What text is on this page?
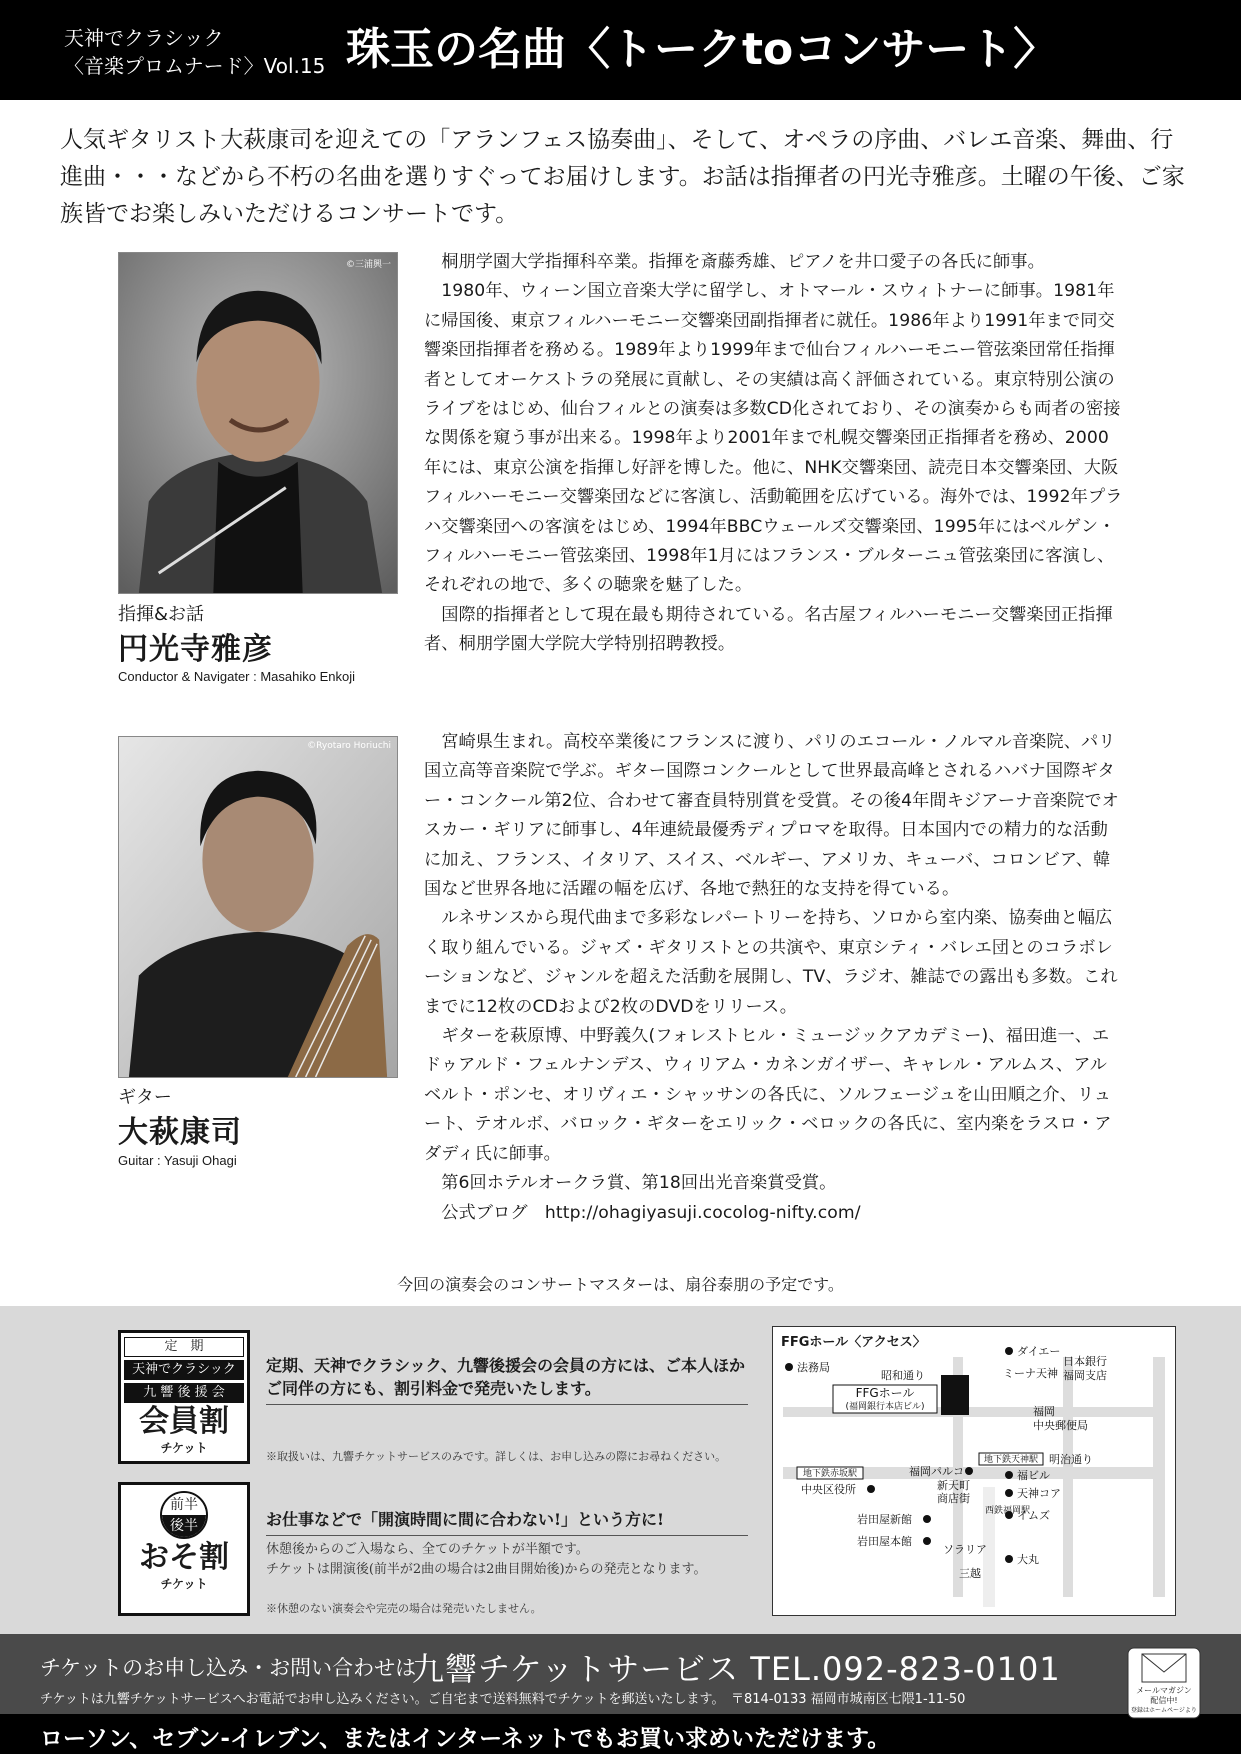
天神でクラシック
〈音楽プロムナード〉Vol.15 珠玉の名曲〈トークtoコンサート〉
人気ギタリスト大萩康司を迎えての「アランフェス協奏曲」、そして、オペラの序曲、バレエ音楽、舞曲、行進曲・・・などから不朽の名曲を選りすぐってお届けします。お話は指揮者の円光寺雅彦。土曜の午後、ご家族皆でお楽しみいただけるコンサートです。
©三浦興一
指揮&お話
円光寺雅彦
Conductor & Navigater : Masahiko Enkoji

桐朋学園大学指揮科卒業。指揮を斎藤秀雄、ピアノを井口愛子の各氏に師事。

1980年、ウィーン国立音楽大学に留学し、オトマール・スウィトナーに師事。1981年に帰国後、東京フィルハーモニー交響楽団副指揮者に就任。1986年より1991年まで同交響楽団指揮者を務める。1989年より1999年まで仙台フィルハーモニー管弦楽団常任指揮者としてオーケストラの発展に貢献し、その実績は高く評価されている。東京特別公演のライブをはじめ、仙台フィルとの演奏は多数CD化されており、その演奏からも両者の密接な関係を窺う事が出来る。1998年より2001年まで札幌交響楽団正指揮者を務め、2000年には、東京公演を指揮し好評を博した。他に、NHK交響楽団、読売日本交響楽団、大阪フィルハーモニー交響楽団などに客演し、活動範囲を広げている。海外では、1992年プラハ交響楽団への客演をはじめ、1994年BBCウェールズ交響楽団、1995年にはベルゲン・フィルハーモニー管弦楽団、1998年1月にはフランス・ブルターニュ管弦楽団に客演し、それぞれの地で、多くの聴衆を魅了した。

国際的指揮者として現在最も期待されている。名古屋フィルハーモニー交響楽団正指揮者、桐朋学園大学院大学特別招聘教授。

©Ryotaro Horiuchi
ギター
大萩康司
Guitar : Yasuji Ohagi

宮崎県生まれ。高校卒業後にフランスに渡り、パリのエコール・ノルマル音楽院、パリ国立高等音楽院で学ぶ。ギター国際コンクールとして世界最高峰とされるハバナ国際ギター・コンクール第2位、合わせて審査員特別賞を受賞。その後4年間キジアーナ音楽院でオスカー・ギリアに師事し、4年連続最優秀ディプロマを取得。日本国内での精力的な活動に加え、フランス、イタリア、スイス、ベルギー、アメリカ、キューバ、コロンビア、韓国など世界各地に活躍の幅を広げ、各地で熱狂的な支持を得ている。

ルネサンスから現代曲まで多彩なレパートリーを持ち、ソロから室内楽、協奏曲と幅広く取り組んでいる。ジャズ・ギタリストとの共演や、東京シティ・バレエ団とのコラボレーションなど、ジャンルを超えた活動を展開し、TV、ラジオ、雑誌での露出も多数。これまでに12枚のCDおよび2枚のDVDをリリース。

ギターを萩原博、中野義久(フォレストヒル・ミュージックアカデミー)、福田進一、エドゥアルド・フェルナンデス、ウィリアム・カネンガイザー、キャレル・アルムス、アルベルト・ポンセ、オリヴィエ・シャッサンの各氏に、ソルフェージュを山田順之介、リュート、テオルボ、バロック・ギターをエリック・ベロックの各氏に、室内楽をラスロ・アダディ氏に師事。

第6回ホテルオークラ賞、第18回出光音楽賞受賞。

公式ブログ　http://ohagiyasuji.cocolog-nifty.com/

今回の演奏会のコンサートマスターは、扇谷泰朋の予定です。
定　期
天神でクラシック
九 響 後 援 会
会員割
チケット
定期、天神でクラシック、九響後援会の会員の方には、ご本人ほかご同伴の方にも、割引料金で発売いたします。
※取扱いは、九響チケットサービスのみです。詳しくは、お申し込みの際にお尋ねください。
前半
後半
おそ割
チケット
お仕事などで「開演時間に間に合わない!」という方に!
休憩後からのご入場なら、全てのチケットが半額です。
チケットは開演後(前半が2曲の場合は2曲目開始後)からの発売となります。
※休憩のない演奏会や完売の場合は発売いたしません。
FFGホール〈アクセス〉
FFGホール
(福岡銀行本店ビル)
ダイエー
法務局	ミーナ天神
日本銀行
福岡支店
昭和通り
福岡
中央郵便局
地下鉄天神駅 明治通り
地下鉄赤坂駅
中央区役所
福岡パルコ
新天町
商店街
福ビル
天神コア
イムズ
岩田屋新館
岩田屋本館
ソラリア
三越
西鉄福岡駅
大丸
チケットのお申し込み・お問い合わせは
九響チケットサービス TEL.092-823-0101
チケットは九響チケットサービスへお電話でお申し込みください。ご自宅まで送料無料でチケットを郵送いたします。　〒814-0133 福岡市城南区七隈1-11-50
ローソン、セブン-イレブン、またはインターネットでもお買い求めいただけます。
メールマガジン
配信中!
登録はホームページより
